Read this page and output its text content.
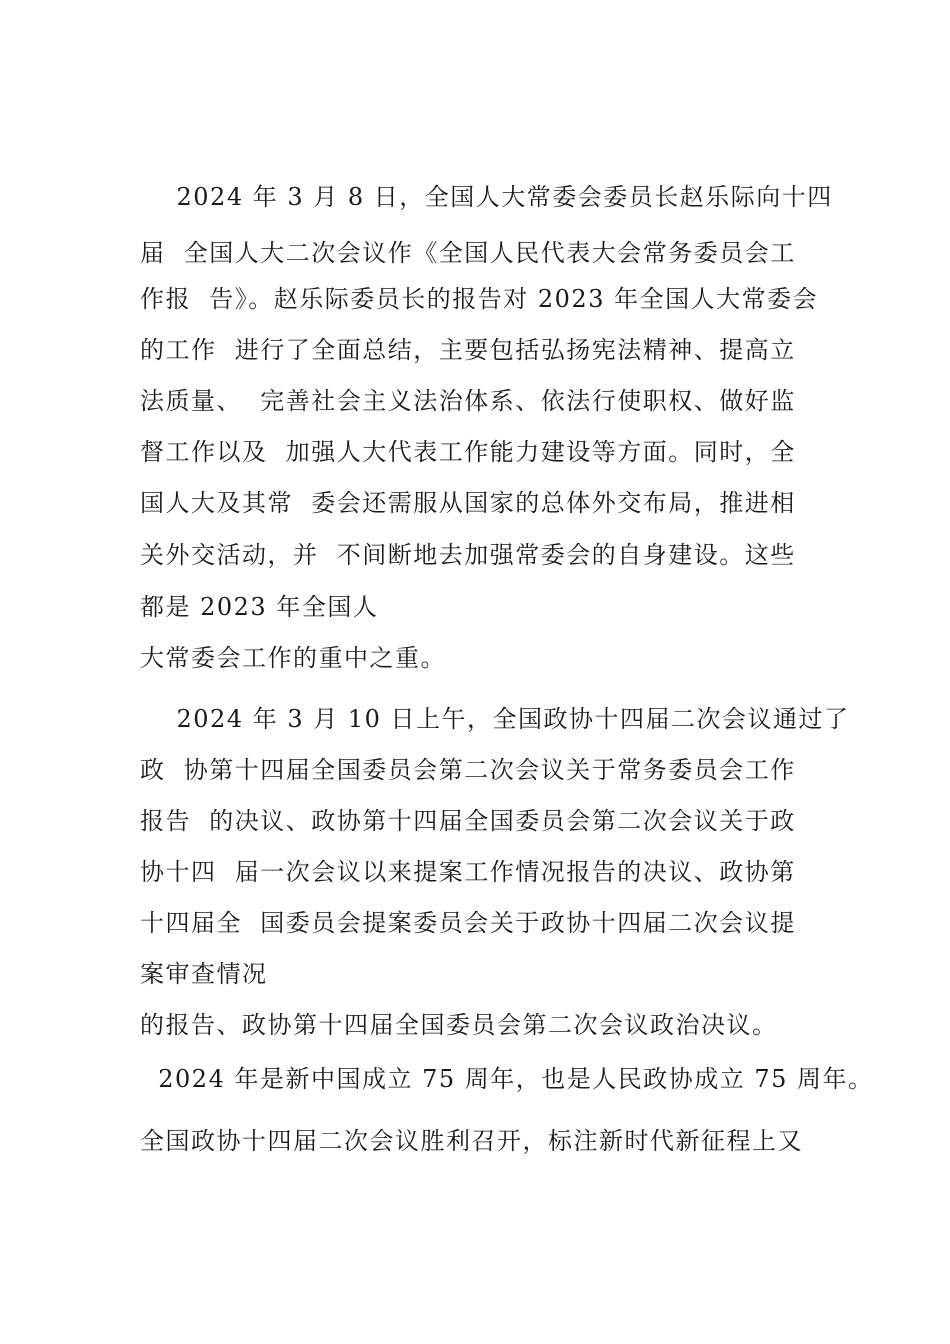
2024 年 3 月 8 日，全国人大常委会委员长赵乐际向十四
届  全国人大二次会议作《全国人民代表大会常务委员会工
作报  告》。赵乐际委员长的报告对 2023 年全国人大常委会
的工作  进行了全面总结，主要包括弘扬宪法精神、提高立
法质量、  完善社会主义法治体系、依法行使职权、做好监
督工作以及  加强人大代表工作能力建设等方面。同时，全
国人大及其常  委会还需服从国家的总体外交布局，推进相
关外交活动，并  不间断地去加强常委会的自身建设。这些
都是 2023 年全国人
大常委会工作的重中之重。
2024 年 3 月 10 日上午，全国政协十四届二次会议通过了
政  协第十四届全国委员会第二次会议关于常务委员会工作
报告  的决议、政协第十四届全国委员会第二次会议关于政
协十四  届一次会议以来提案工作情况报告的决议、政协第
十四届全  国委员会提案委员会关于政协十四届二次会议提
案审查情况
的报告、政协第十四届全国委员会第二次会议政治决议。
2024 年是新中国成立 75 周年，也是人民政协成立 75 周年。
全国政协十四届二次会议胜利召开，标注新时代新征程上又
